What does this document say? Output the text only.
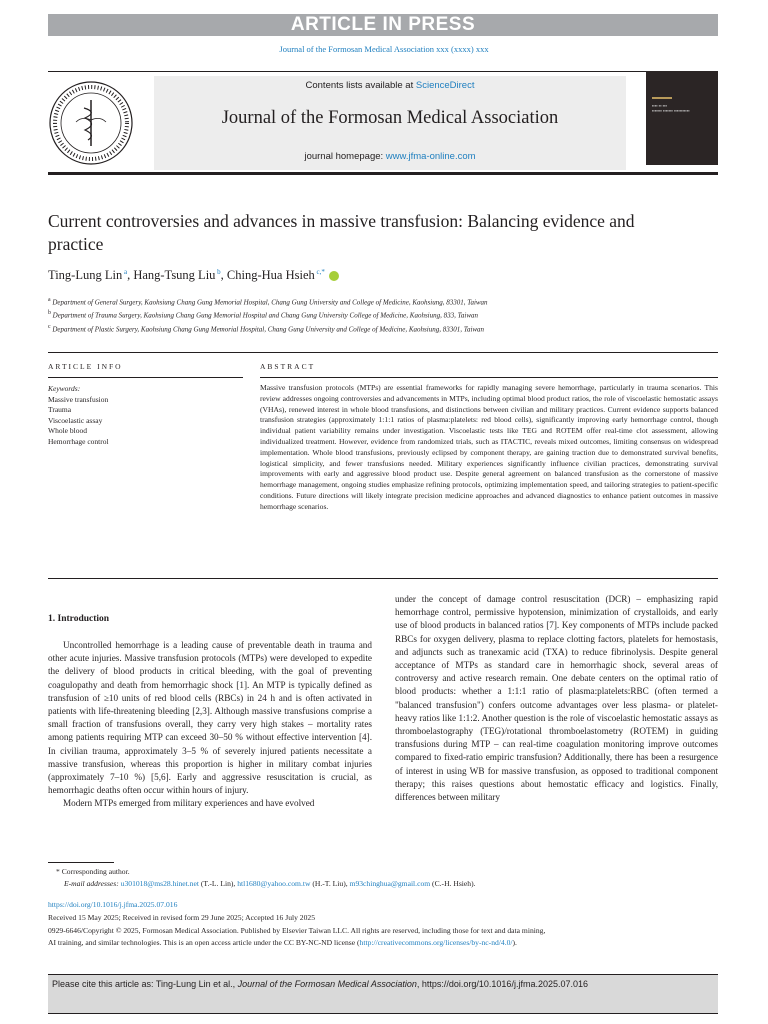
ARTICLE IN PRESS
Journal of the Formosan Medical Association xxx (xxxx) xxx
Contents lists available at ScienceDirect
Journal of the Formosan Medical Association
journal homepage: www.jfma-online.com
▪▪▪▪ ▪▪ ▪▪▪
▪▪▪▪▪▪▪ ▪▪▪▪▪▪▪ ▪▪▪▪▪▪▪▪▪▪▪
Current controversies and advances in massive transfusion: Balancing evidence and practice
Ting-Lung Lin $^a$, Hang-Tsung Liu $^b$, Ching-Hua Hsieh $^{c,*}$
$^a$ Department of General Surgery, Kaohsiung Chang Gung Memorial Hospital, Chang Gung University and College of Medicine, Kaohsiung, 83301, Taiwan
$^b$ Department of Trauma Surgery, Kaohsiung Chang Gung Memorial Hospital and Chang Gung University College of Medicine, Kaohsiung, 833, Taiwan
$^c$ Department of Plastic Surgery, Kaohsiung Chang Gung Memorial Hospital, Chang Gung University and College of Medicine, Kaohsiung, 83301, Taiwan
ARTICLE INFO	ABSTRACT
Keywords:
Massive transfusion
Trauma
Viscoelastic assay
Whole blood
Hemorrhage control
Massive transfusion protocols (MTPs) are essential frameworks for rapidly managing severe hemorrhage, particularly in trauma scenarios. This review addresses ongoing controversies and advancements in MTPs, including optimal blood product ratios, the role of viscoelastic hemostatic assays (VHAs), renewed interest in whole blood transfusions, and distinctions between civilian and military practices. Current evidence supports balanced transfusion strategies (approximately 1:1:1 ratios of plasma:platelets: red blood cells), significantly improving early hemorrhage control, though individual patient variability remains under investigation. Viscoelastic tests like TEG and ROTEM offer real-time clot assessment, allowing individualized treatment. However, evidence from randomized trials, such as ITACTIC, reveals mixed outcomes, limiting consensus on widespread implementation. Whole blood transfusions, previously eclipsed by component therapy, are gaining traction due to demonstrated survival benefits, logistical simplicity, and fewer transfusions needed. Military experiences significantly influence civilian practices, demonstrating survival improvements with early and aggressive blood product use. Despite general agreement on balanced transfusion as the cornerstone of massive hemorrhage management, ongoing studies emphasize refining protocols, optimizing implementation speed, and tailoring strategies to patient-specific conditions. Future directions will likely integrate precision medicine approaches and advanced diagnostics to enhance patient outcomes in massive hemorrhage scenarios.
1. Introduction

Uncontrolled hemorrhage is a leading cause of preventable death in trauma and other acute injuries. Massive transfusion protocols (MTPs) were developed to expedite the delivery of blood products in critical bleeding, with the goal of preventing coagulopathy and death from hemorrhagic shock [1]. An MTP is typically defined as transfusion of ≥10 units of red blood cells (RBCs) in 24 h and is often activated in patients with life-threatening bleeding [2,3]. Although massive transfusions comprise a small fraction of transfusions overall, they carry very high stakes – mortality rates among patients requiring MTP can exceed 30–50 % without effective intervention [4]. In civilian trauma, approximately 3–5 % of severely injured patients necessitate a massive transfusion, whereas this proportion is higher in military combat injuries (approximately 7–10 %) [5,6]. Early and aggressive resuscitation is crucial, as hemorrhagic deaths often occur within hours of injury.

Modern MTPs emerged from military experiences and have evolved

under the concept of damage control resuscitation (DCR) – emphasizing rapid hemorrhage control, permissive hypotension, minimization of crystalloids, and early use of blood products in balanced ratios [7]. Key components of MTPs include packed RBCs for oxygen delivery, plasma to replace clotting factors, platelets for hemostasis, and adjuncts such as tranexamic acid (TXA) to reduce fibrinolysis. Despite general acceptance of MTPs as standard care in hemorrhagic shock, several areas of controversy and active research remain. One debate centers on the optimal ratio of blood products: whether a 1:1:1 ratio of plasma:platelets:RBC (often termed a "balanced transfusion") confers outcome advantages over less plasma- or platelet-heavy ratios like 1:1:2. Another question is the role of viscoelastic hemostatic assays as thromboelastography (TEG)/rotational thromboelastometry (ROTEM) in guiding transfusions during MTP – can real-time coagulation monitoring improve outcomes compared to fixed-ratio empiric transfusion? Additionally, there has been a resurgence of interest in using WB for massive transfusion, as opposed to traditional component therapy; this raises questions about hemostatic efficacy and logistics. Finally, differences between military

* Corresponding author.
E-mail addresses: u301018@ms28.hinet.net (T.-L. Lin), htl1680@yahoo.com.tw (H.-T. Liu), m93chinghua@gmail.com (C.-H. Hsieh).
https://doi.org/10.1016/j.jfma.2025.07.016
Received 15 May 2025; Received in revised form 29 June 2025; Accepted 16 July 2025
0929-6646/Copyright © 2025, Formosan Medical Association. Published by Elsevier Taiwan LLC. All rights are reserved, including those for text and data mining,
AI training, and similar technologies. This is an open access article under the CC BY-NC-ND license (http://creativecommons.org/licenses/by-nc-nd/4.0/).
Please cite this article as: Ting-Lung Lin et al., Journal of the Formosan Medical Association, https://doi.org/10.1016/j.jfma.2025.07.016
